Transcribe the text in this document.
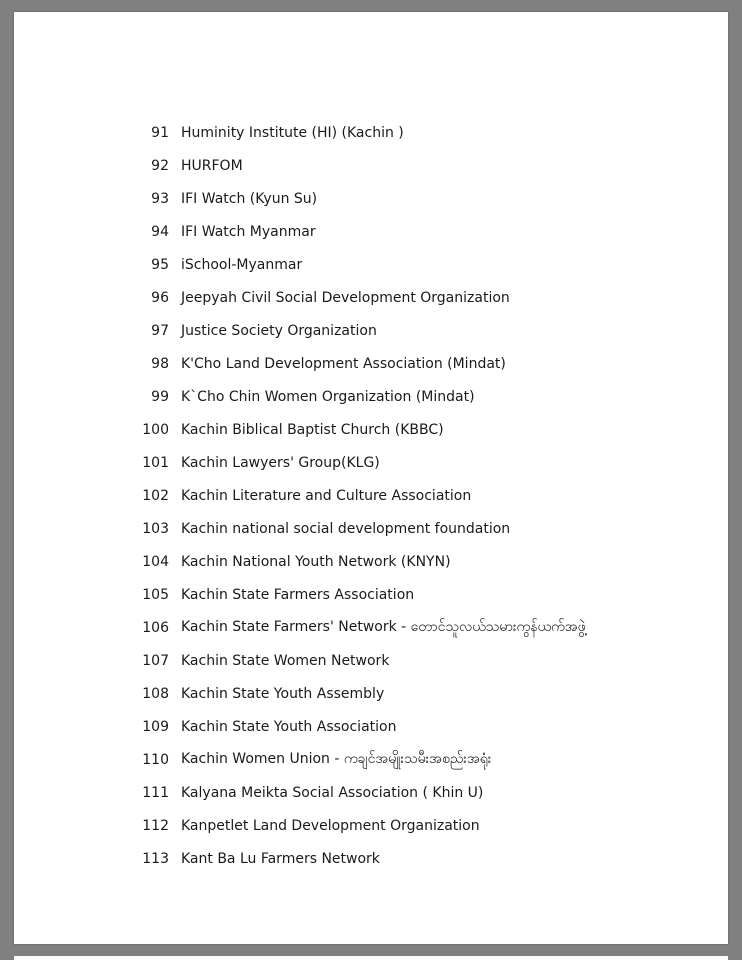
91 Huminity Institute (HI) (Kachin )
92 HURFOM
93 IFI Watch (Kyun Su)
94 IFI Watch Myanmar
95 iSchool-Myanmar
96 Jeepyah Civil Social Development Organization
97 Justice Society Organization
98 K'Cho Land Development Association (Mindat)
99 K`Cho Chin Women Organization (Mindat)
100 Kachin Biblical Baptist Church (KBBC)
101 Kachin Lawyers' Group(KLG)
102 Kachin Literature and Culture Association
103 Kachin national social development foundation
104 Kachin National Youth Network (KNYN)
105 Kachin State Farmers Association
106 Kachin State Farmers' Network - တောင်သူလယ်သမားကွန်ယက်အဖွဲ့
107 Kachin State Women Network
108 Kachin State Youth Assembly
109 Kachin State Youth Association
110 Kachin Women Union - ကချင်အမျိုးသမီးအစည်းအရုံး
111 Kalyana Meikta Social Association ( Khin U)
112 Kanpetlet Land Development Organization
113 Kant Ba Lu Farmers Network
